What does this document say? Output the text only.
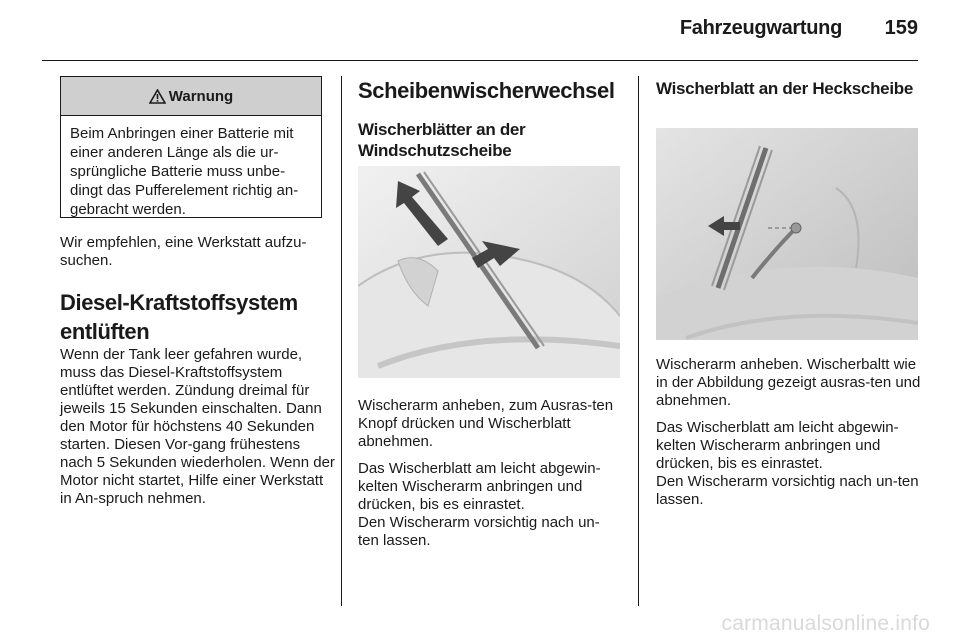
Fahrzeugwartung 159
Warnung

Beim Anbringen einer Batterie mit einer anderen Länge als die ur-sprüngliche Batterie muss unbe-dingt das Pufferelement richtig an-gebracht werden.

Wir empfehlen, eine Werkstatt aufzu-suchen.

Diesel-Kraftstoffsystem entlüften

Wenn der Tank leer gefahren wurde, muss das Diesel-Kraftstoffsystem entlüftet werden. Zündung dreimal für jeweils 15 Sekunden einschalten. Dann den Motor für höchstens 40 Sekunden starten. Diesen Vor-gang frühestens nach 5 Sekunden wiederholen. Wenn der Motor nicht startet, Hilfe einer Werkstatt in An-spruch nehmen.

Scheibenwischerwechsel
Wischerblätter an der Windschutzscheibe

Wischerarm anheben, zum Ausras-ten Knopf drücken und Wischerblatt abnehmen.

Das Wischerblatt am leicht abgewin-kelten Wischerarm anbringen und drücken, bis es einrastet.

Den Wischerarm vorsichtig nach un-ten lassen.

Wischerblatt an der Heckscheibe

Wischerarm anheben. Wischerbaltt wie in der Abbildung gezeigt ausras-ten und abnehmen.

Das Wischerblatt am leicht abgewin-kelten Wischerarm anbringen und drücken, bis es einrastet.

Den Wischerarm vorsichtig nach un-ten lassen.

carmanualsonline.info
